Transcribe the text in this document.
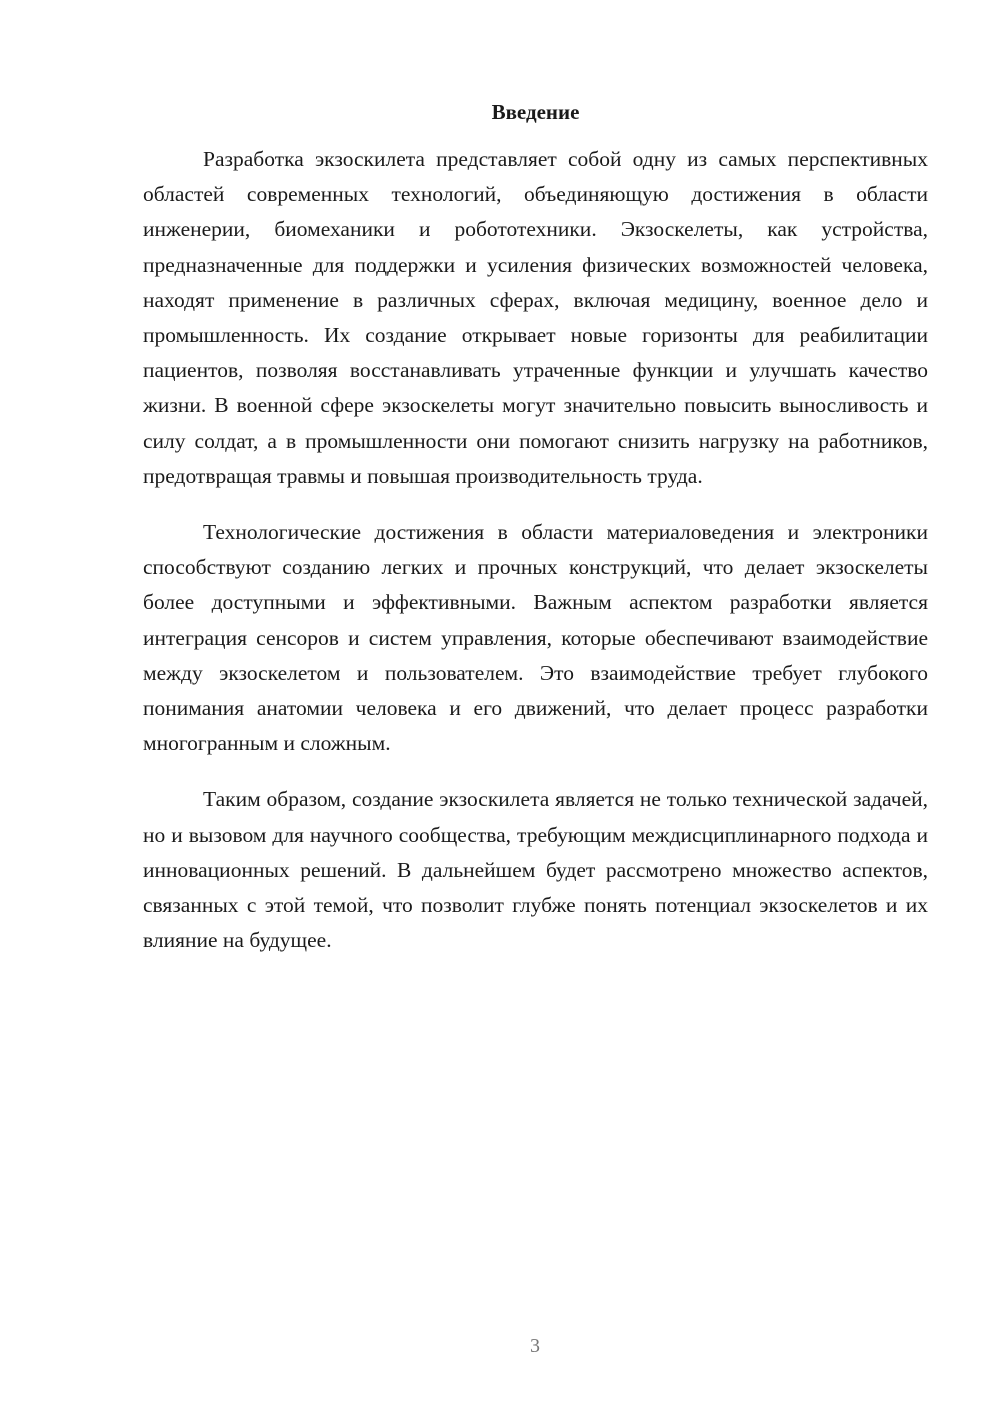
Введение

Разработка экзоскилета представляет собой одну из самых перспективных областей современных технологий, объединяющую достижения в области инженерии, биомеханики и робототехники. Экзоскелеты, как устройства, предназначенные для поддержки и усиления физических возможностей человека, находят применение в различных сферах, включая медицину, военное дело и промышленность. Их создание открывает новые горизонты для реабилитации пациентов, позволяя восстанавливать утраченные функции и улучшать качество жизни. В военной сфере экзоскелеты могут значительно повысить выносливость и силу солдат, а в промышленности они помогают снизить нагрузку на работников, предотвращая травмы и повышая производительность труда.

Технологические достижения в области материаловедения и электроники способствуют созданию легких и прочных конструкций, что делает экзоскелеты более доступными и эффективными. Важным аспектом разработки является интеграция сенсоров и систем управления, которые обеспечивают взаимодействие между экзоскелетом и пользователем. Это взаимодействие требует глубокого понимания анатомии человека и его движений, что делает процесс разработки многогранным и сложным.

Таким образом, создание экзоскилета является не только технической задачей, но и вызовом для научного сообщества, требующим междисциплинарного подхода и инновационных решений. В дальнейшем будет рассмотрено множество аспектов, связанных с этой темой, что позволит глубже понять потенциал экзоскелетов и их влияние на будущее.

3
